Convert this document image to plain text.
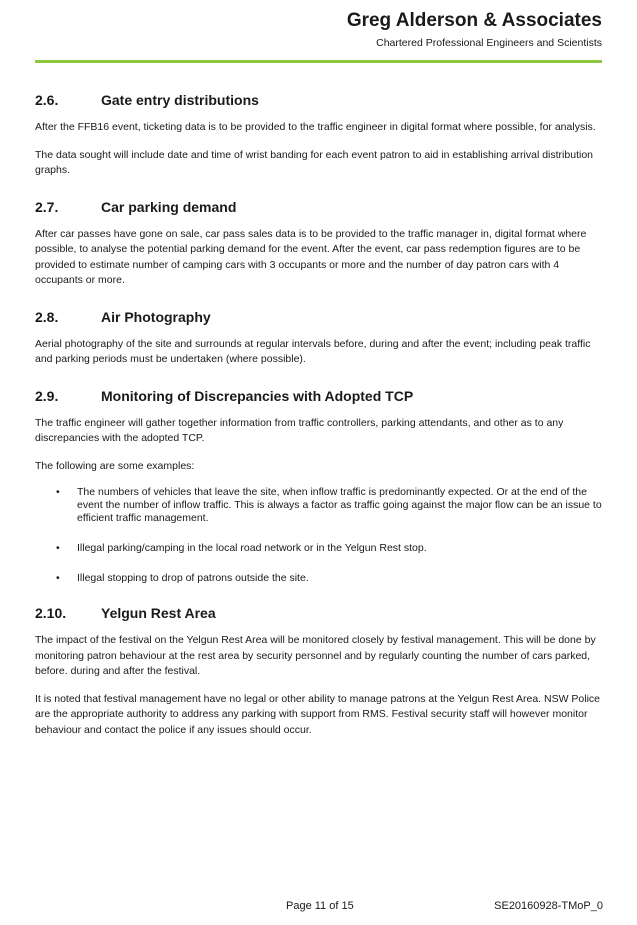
Greg Alderson & Associates
Chartered Professional Engineers and Scientists
2.6.	Gate entry distributions

After the FFB16 event, ticketing data is to be provided to the traffic engineer in digital format where possible, for analysis.

The data sought will include date and time of wrist banding for each event patron to aid in establishing arrival distribution graphs.

2.7.	Car parking demand

After car passes have gone on sale, car pass sales data is to be provided to the traffic manager in, digital format where possible, to analyse the potential parking demand for the event. After the event, car pass redemption figures are to be provided to estimate number of camping cars with 3 occupants or more and the number of day patron cars with 4 occupants or more.

2.8.	Air Photography

Aerial photography of the site and surrounds at regular intervals before, during and after the event; including peak traffic and parking periods must be undertaken (where possible).

2.9.	Monitoring of Discrepancies with Adopted TCP

The traffic engineer will gather together information from traffic controllers, parking attendants, and other as to any discrepancies with the adopted TCP.

The following are some examples:

•	The numbers of vehicles that leave the site, when inflow traffic is predominantly expected. Or at the end of the event the number of inflow traffic. This is always a factor as traffic going against the major flow can be an issue to efficient traffic management.
•	Illegal parking/camping in the local road network or in the Yelgun Rest stop.
•	Illegal stopping to drop of patrons outside the site.
2.10.	Yelgun Rest Area

The impact of the festival on the Yelgun Rest Area will be monitored closely by festival management. This will be done by monitoring patron behaviour at the rest area by security personnel and by regularly counting the number of cars parked, before. during and after the festival.

It is noted that festival management have no legal or other ability to manage patrons at the Yelgun Rest Area. NSW Police are the appropriate authority to address any parking with support from RMS. Festival security staff will however monitor behaviour and contact the police if any issues should occur.

Page 11 of 15	SE20160928-TMoP_0
